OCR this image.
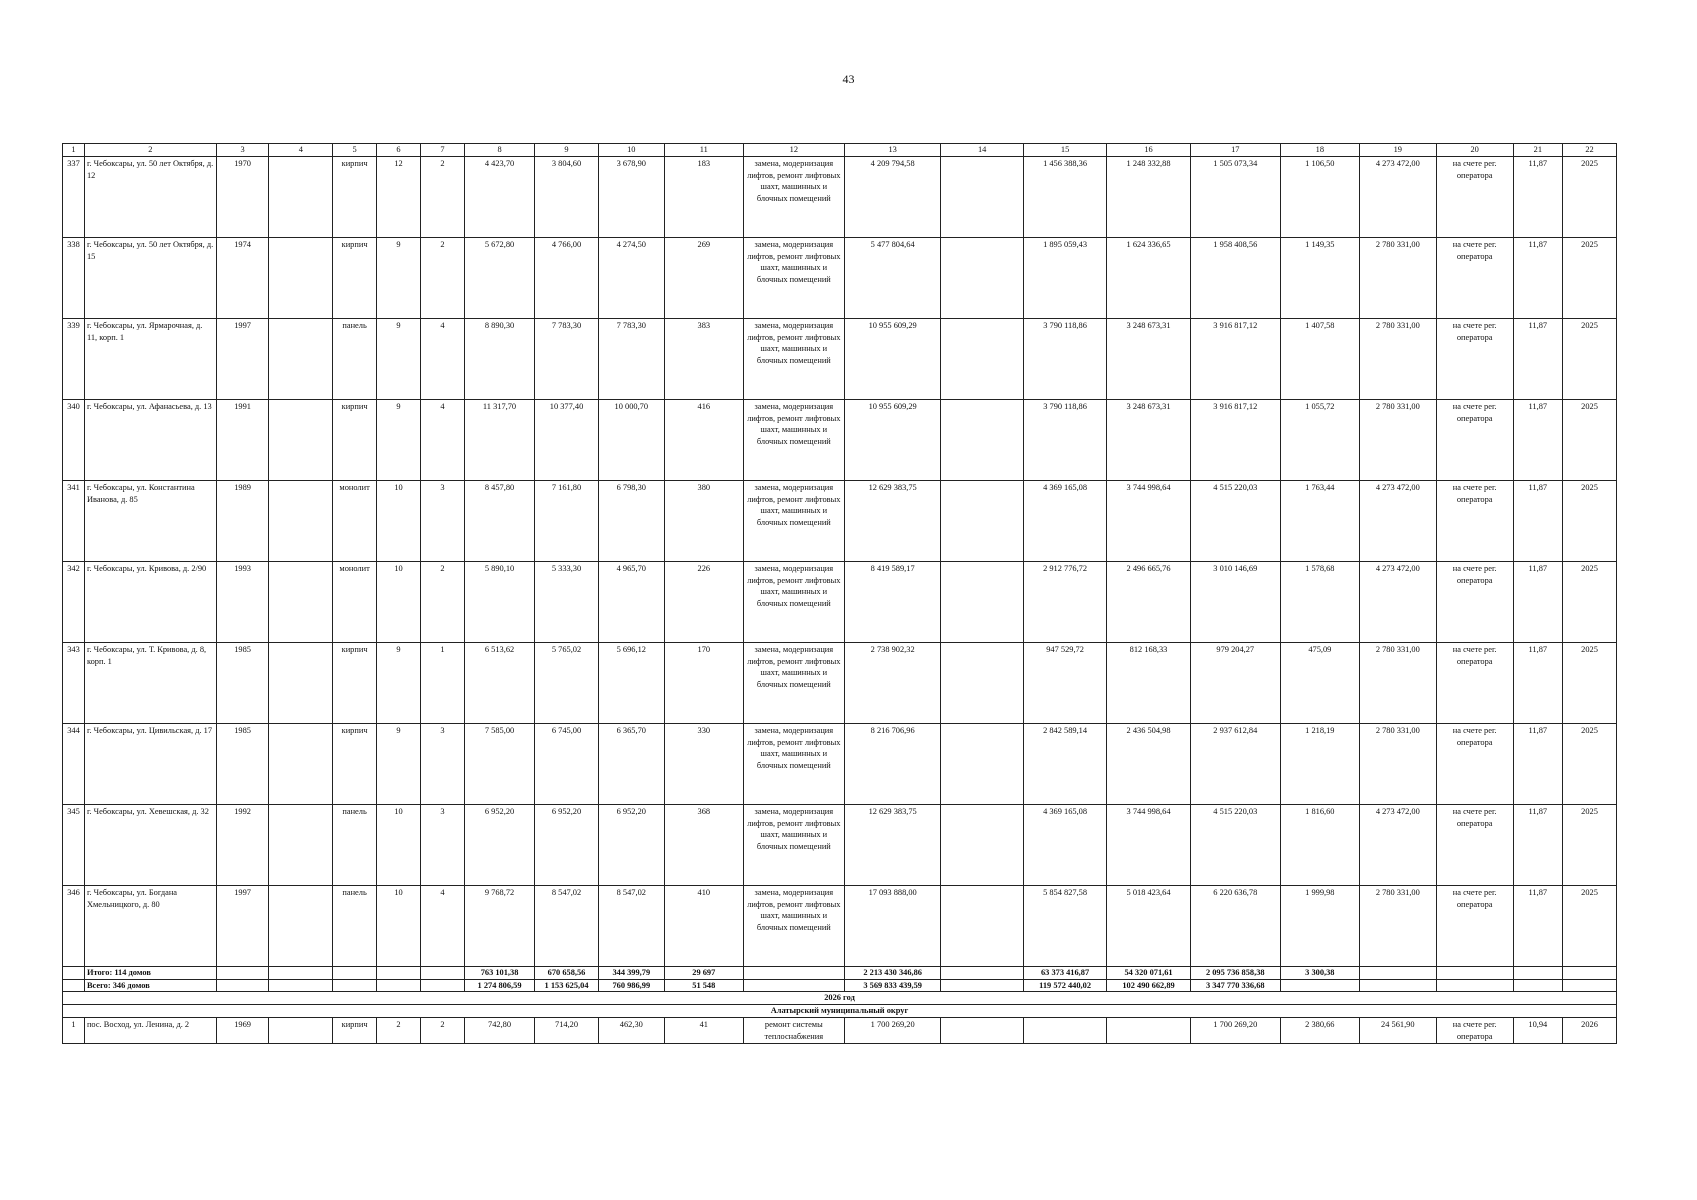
43
1	2	3	4	5	6	7	8	9	10	11	12	13	14	15	16	17	18	19	20	21	22
337	г. Чебоксары, ул. 50 лет Октября, д. 12	1970		кирпич	12	2	4 423,70	3 804,60	3 678,90	183	замена, модернизация лифтов, ремонт лифтовых шахт, машинных и блочных помещений	4 209 794,58		1 456 388,36	1 248 332,88	1 505 073,34	1 106,50	4 273 472,00	на счете рег. оператора	11,87	2025
338	г. Чебоксары, ул. 50 лет Октября, д. 15	1974		кирпич	9	2	5 672,80	4 766,00	4 274,50	269	замена, модернизация лифтов, ремонт лифтовых шахт, машинных и блочных помещений	5 477 804,64		1 895 059,43	1 624 336,65	1 958 408,56	1 149,35	2 780 331,00	на счете рег. оператора	11,87	2025
339	г. Чебоксары, ул. Ярмарочная, д. 11, корп. 1	1997		панель	9	4	8 890,30	7 783,30	7 783,30	383	замена, модернизация лифтов, ремонт лифтовых шахт, машинных и блочных помещений	10 955 609,29		3 790 118,86	3 248 673,31	3 916 817,12	1 407,58	2 780 331,00	на счете рег. оператора	11,87	2025
340	г. Чебоксары, ул. Афанасьева, д. 13	1991		кирпич	9	4	11 317,70	10 377,40	10 000,70	416	замена, модернизация лифтов, ремонт лифтовых шахт, машинных и блочных помещений	10 955 609,29		3 790 118,86	3 248 673,31	3 916 817,12	1 055,72	2 780 331,00	на счете рег. оператора	11,87	2025
341	г. Чебоксары, ул. Константина Иванова, д. 85	1989		монолит	10	3	8 457,80	7 161,80	6 798,30	380	замена, модернизация лифтов, ремонт лифтовых шахт, машинных и блочных помещений	12 629 383,75		4 369 165,08	3 744 998,64	4 515 220,03	1 763,44	4 273 472,00	на счете рег. оператора	11,87	2025
342	г. Чебоксары, ул. Кривова, д. 2/90	1993		монолит	10	2	5 890,10	5 333,30	4 965,70	226	замена, модернизация лифтов, ремонт лифтовых шахт, машинных и блочных помещений	8 419 589,17		2 912 776,72	2 496 665,76	3 010 146,69	1 578,68	4 273 472,00	на счете рег. оператора	11,87	2025
343	г. Чебоксары, ул. Т. Кривова, д. 8, корп. 1	1985		кирпич	9	1	6 513,62	5 765,02	5 696,12	170	замена, модернизация лифтов, ремонт лифтовых шахт, машинных и блочных помещений	2 738 902,32		947 529,72	812 168,33	979 204,27	475,09	2 780 331,00	на счете рег. оператора	11,87	2025
344	г. Чебоксары, ул. Цивильская, д. 17	1985		кирпич	9	3	7 585,00	6 745,00	6 365,70	330	замена, модернизация лифтов, ремонт лифтовых шахт, машинных и блочных помещений	8 216 706,96		2 842 589,14	2 436 504,98	2 937 612,84	1 218,19	2 780 331,00	на счете рег. оператора	11,87	2025
345	г. Чебоксары, ул. Хевешская, д. 32	1992		панель	10	3	6 952,20	6 952,20	6 952,20	368	замена, модернизация лифтов, ремонт лифтовых шахт, машинных и блочных помещений	12 629 383,75		4 369 165,08	3 744 998,64	4 515 220,03	1 816,60	4 273 472,00	на счете рег. оператора	11,87	2025
346	г. Чебоксары, ул. Богдана Хмельницкого, д. 80	1997		панель	10	4	9 768,72	8 547,02	8 547,02	410	замена, модернизация лифтов, ремонт лифтовых шахт, машинных и блочных помещений	17 093 888,00		5 854 827,58	5 018 423,64	6 220 636,78	1 999,98	2 780 331,00	на счете рег. оператора	11,87	2025
	Итого: 114 домов						763 101,38	670 658,56	344 399,79	29 697		2 213 430 346,86		63 373 416,87	54 320 071,61	2 095 736 858,38	3 300,38				
	Всего: 346 домов						1 274 806,59	1 153 625,04	760 986,99	51 548		3 569 833 439,59		119 572 440,02	102 490 662,89	3 347 770 336,68					
2026 год																					
Алатырский муниципальный округ																					
1	пос. Восход, ул. Ленина, д. 2	1969		кирпич	2	2	742,80	714,20	462,30	41	ремонт системы теплоснабжения	1 700 269,20				1 700 269,20	2 380,66	24 561,90	на счете рег. оператора	10,94	2026
